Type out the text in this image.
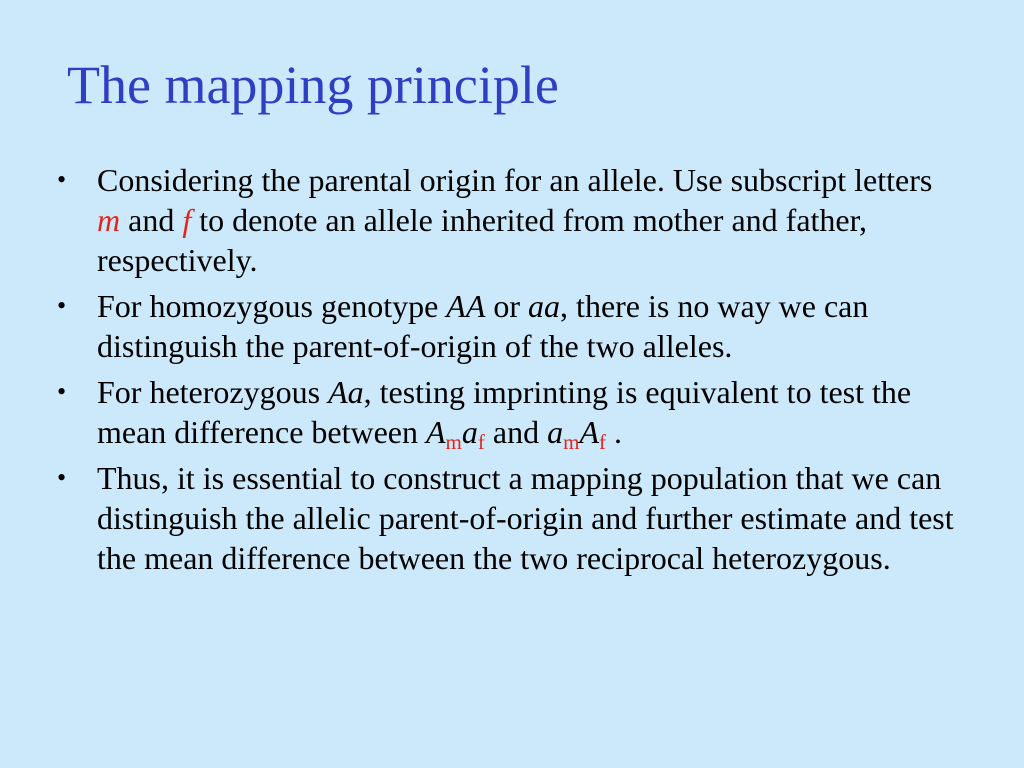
The mapping principle
• Considering the parental origin for an allele. Use subscript letters m and f to denote an allele inherited from mother and father, respectively.
• For homozygous genotype AA or aa, there is no way we can distinguish the parent-of-origin of the two alleles.
• For heterozygous Aa, testing imprinting is equivalent to test the mean difference between $A_ma_f$ and $a_mA_f$ .
• Thus, it is essential to construct a mapping population that we can distinguish the allelic parent-of-origin and further estimate and test the mean difference between the two reciprocal heterozygous.
